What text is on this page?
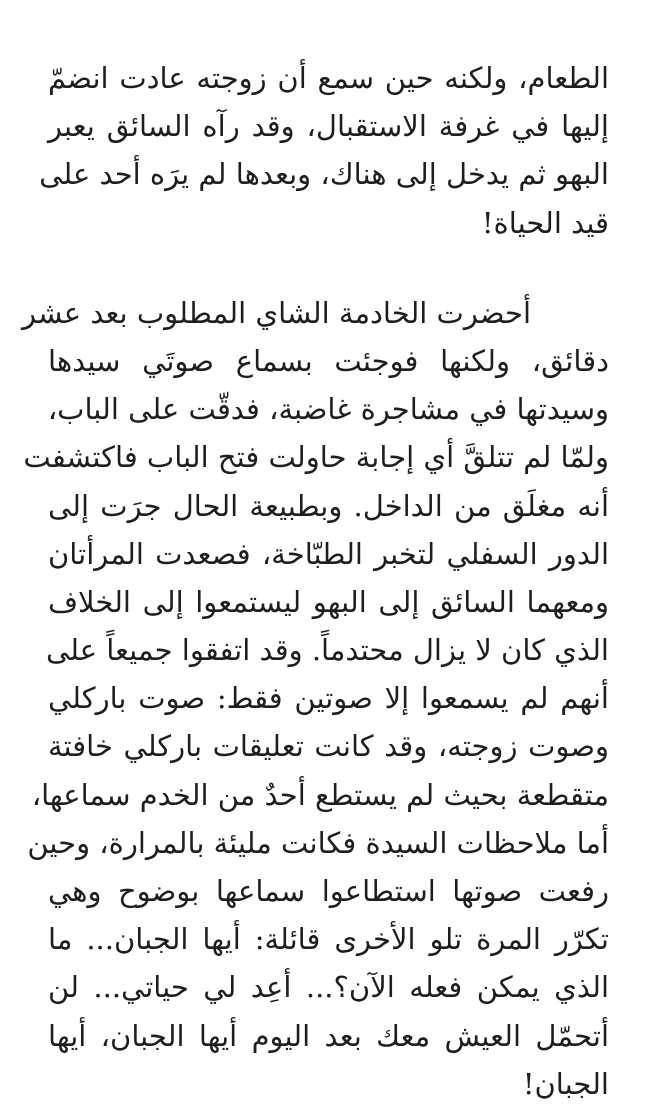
الطعام، ولكنه حين سمع أن زوجته عادت انضمّ
إليها في غرفة الاستقبال، وقد رآه السائق يعبر
البهو ثم يدخل إلى هناك، وبعدها لم يرَه أحد على
قيد الحياة!
أحضرت الخادمة الشاي المطلوب بعد عشر
دقائق، ولكنها فوجئت بسماع صوتَي سيدها
وسيدتها في مشاجرة غاضبة، فدقّت على الباب،
ولمّا لم تتلقَّ أي إجابة حاولت فتح الباب فاكتشفت
أنه مغلَق من الداخل. وبطبيعة الحال جرَت إلى
الدور السفلي لتخبر الطبّاخة، فصعدت المرأتان
ومعهما السائق إلى البهو ليستمعوا إلى الخلاف
الذي كان لا يزال محتدماً. وقد اتفقوا جميعاً على
أنهم لم يسمعوا إلا صوتين فقط: صوت باركلي
وصوت زوجته، وقد كانت تعليقات باركلي خافتة
متقطعة بحيث لم يستطع أحدٌ من الخدم سماعها،
أما ملاحظات السيدة فكانت مليئة بالمرارة، وحين
رفعت صوتها استطاعوا سماعها بوضوح وهي
تكرّر المرة تلو الأخرى قائلة: أيها الجبان... ما
الذي يمكن فعله الآن؟... أعِد لي حياتي... لن
أتحمّل العيش معك بعد اليوم أيها الجبان، أيها
الجبان!
